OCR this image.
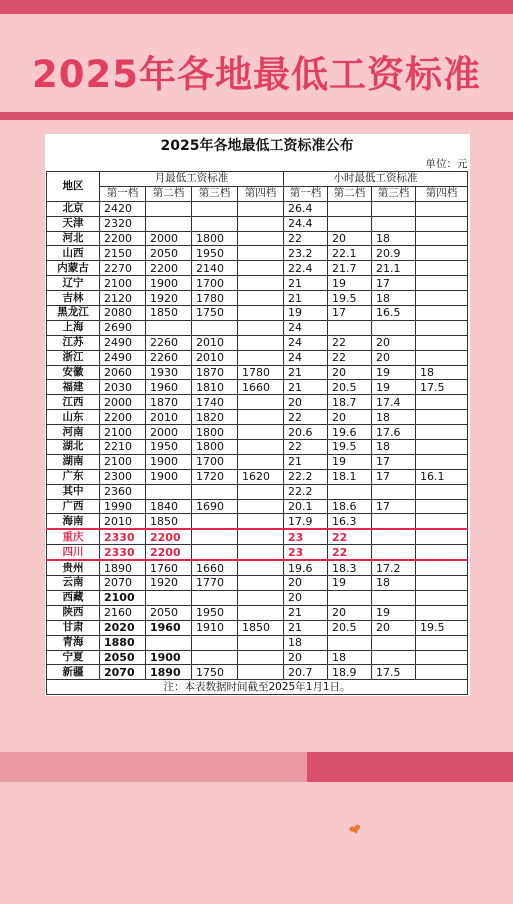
2025年各地最低工资标准
2025年各地最低工资标准公布								
单位：元								
地区	月最低工资标准				小时最低工资标准			
	第一档	第二档	第三档	第四档	第一档	第二档	第三档	第四档
北京	2420				26.4			
天津	2320				24.4			
河北	2200	2000	1800		22	20	18	
山西	2150	2050	1950		23.2	22.1	20.9	
内蒙古	2270	2200	2140		22.4	21.7	21.1	
辽宁	2100	1900	1700		21	19	17	
吉林	2120	1920	1780		21	19.5	18	
黑龙江	2080	1850	1750		19	17	16.5	
上海	2690				24			
江苏	2490	2260	2010		24	22	20	
浙江	2490	2260	2010		24	22	20	
安徽	2060	1930	1870	1780	21	20	19	18
福建	2030	1960	1810	1660	21	20.5	19	17.5
江西	2000	1870	1740		20	18.7	17.4	
山东	2200	2010	1820		22	20	18	
河南	2100	2000	1800		20.6	19.6	17.6	
湖北	2210	1950	1800		22	19.5	18	
湖南	2100	1900	1700		21	19	17	
广东	2300	1900	1720	1620	22.2	18.1	17	16.1
其中	2360				22.2			
广西	1990	1840	1690		20.1	18.6	17	
海南	2010	1850			17.9	16.3		
重庆	2330	2200			23	22		
四川	2330	2200			23	22		
贵州	1890	1760	1660		19.6	18.3	17.2	
云南	2070	1920	1770		20	19	18	
西藏	2100				20			
陕西	2160	2050	1950		21	20	19	
甘肃	2020	1960	1910	1850	21	20.5	20	19.5
青海	1880				18			
宁夏	2050	1900			20	18		
新疆	2070	1890	1750		20.7	18.9	17.5	
注：本表数据时间截至2025年1月1日。								
❤
